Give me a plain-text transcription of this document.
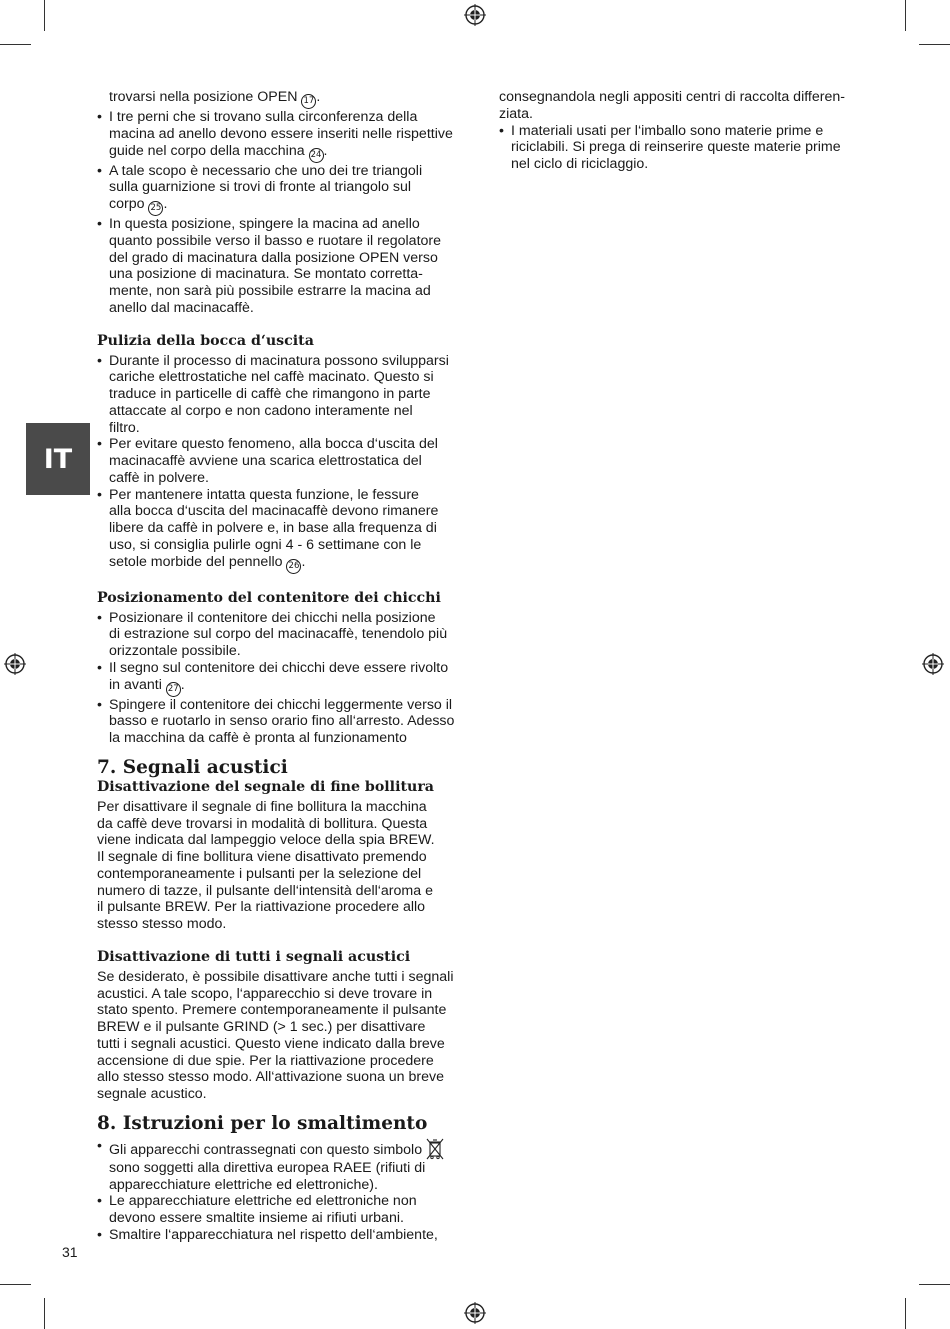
IT
trovarsi nella posizione OPEN 17 .
• I tre perni che si trovano sulla circonferenza della
macina ad anello devono essere inseriti nelle rispettive
guide nel corpo della macchina 24 .
• A tale scopo è necessario che uno dei tre triangoli
sulla guarnizione si trovi di fronte al triangolo sul
corpo 25 .
• In questa posizione, spingere la macina ad anello
quanto possibile verso il basso e ruotare il regolatore
del grado di macinatura dalla posizione OPEN verso
una posizione di macinatura. Se montato corretta-
mente, non sarà più possibile estrarre la macina ad
anello dal macinacaffè.
Pulizia della bocca d‘uscita
• Durante il processo di macinatura possono svilupparsi
cariche elettrostatiche nel caffè macinato. Questo si
traduce in particelle di caffè che rimangono in parte
attaccate al corpo e non cadono interamente nel
filtro.
• Per evitare questo fenomeno, alla bocca d‘uscita del
macinacaffè avviene una scarica elettrostatica del
caffè in polvere.
• Per mantenere intatta questa funzione, le fessure
alla bocca d‘uscita del macinacaffè devono rimanere
libere da caffè in polvere e, in base alla frequenza di
uso, si consiglia pulirle ogni 4 - 6 settimane con le
setole morbide del pennello 26 .
Posizionamento del contenitore dei chicchi
• Posizionare il contenitore dei chicchi nella posizione
di estrazione sul corpo del macinacaffè, tenendolo più
orizzontale possibile.
• Il segno sul contenitore dei chicchi deve essere rivolto
in avanti 27 .
• Spingere il contenitore dei chicchi leggermente verso il
basso e ruotarlo in senso orario fino all‘arresto. Adesso
la macchina da caffè è pronta al funzionamento
7. Segnali acustici
Disattivazione del segnale di fine bollitura

Per disattivare il segnale di fine bollitura la macchina
da caffè deve trovarsi in modalità di bollitura. Questa
viene indicata dal lampeggio veloce della spia BREW.
Il segnale di fine bollitura viene disattivato premendo
contemporaneamente i pulsanti per la selezione del
numero di tazze, il pulsante dell‘intensità dell‘aroma e
il pulsante BREW. Per la riattivazione procedere allo
stesso stesso modo.

Disattivazione di tutti i segnali acustici

Se desiderato, è possibile disattivare anche tutti i segnali
acustici. A tale scopo, l‘apparecchio si deve trovare in
stato spento. Premere contemporaneamente il pulsante
BREW e il pulsante GRIND (> 1 sec.) per disattivare
tutti i segnali acustici. Questo viene indicato dalla breve
accensione di due spie. Per la riattivazione procedere
allo stesso stesso modo. All‘attivazione suona un breve
segnale acustico.

8. Istruzioni per lo smaltimento
• Gli apparecchi contrassegnati con questo simbolo
sono soggetti alla direttiva europea RAEE (rifiuti di
apparecchiature elettriche ed elettroniche).
• Le apparecchiature elettriche ed elettroniche non
devono essere smaltite insieme ai rifiuti urbani.
• Smaltire l‘apparecchiatura nel rispetto dell‘ambiente,

consegnandola negli appositi centri di raccolta differen-
ziata.

• I materiali usati per l‘imballo sono materie prime e
riciclabili. Si prega di reinserire queste materie prime
nel ciclo di riciclaggio.
31
